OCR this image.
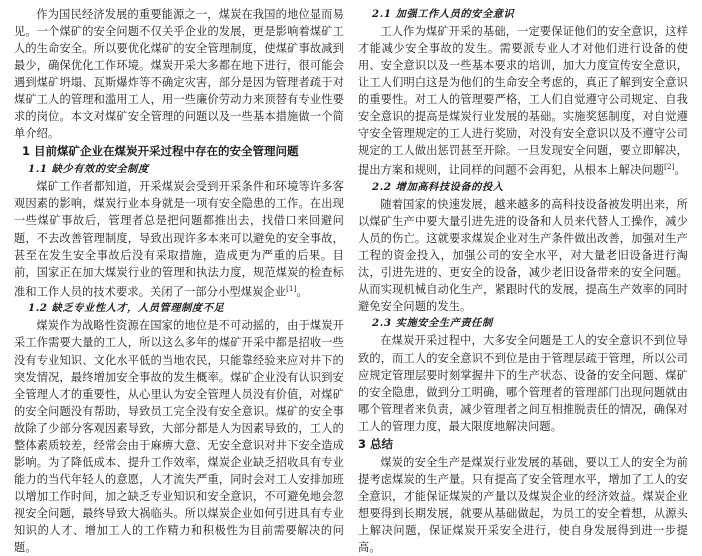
作为国民经济发展的重要能源之一，煤炭在我国的地位显而易见。一个煤矿的安全问题不仅关乎企业的发展，更是影响着煤矿工人的生命安全。所以要优化煤矿的安全管理制度，使煤矿事故减到最少，确保优化工作环境。煤炭开采大多都在地下进行，很可能会遇到煤矿坍塌、瓦斯爆炸等不确定灾害，部分是因为管理者疏于对煤矿工人的管理和滥用工人，用一些廉价劳动力来顶替有专业性要求的岗位。本文对煤矿安全管理的问题以及一些基本措施做一个简单介绍。

1 目前煤矿企业在煤炭开采过程中存在的安全管理问题
1.1 缺少有效的安全制度

煤矿工作者都知道，开采煤炭会受到开采条件和环境等许多客观因素的影响，煤炭行业本身就是一项有安全隐患的工作。在出现一些煤矿事故后，管理者总是把问题都推出去，找借口来回避问题，不去改善管理制度，导致出现许多本来可以避免的安全事故，甚至在发生安全事故后没有采取措施，造成更为严重的后果。目前，国家正在加大煤炭行业的管理和执法力度，规范煤炭的检查标准和工作人员的技术要求。关闭了一部分小型煤炭企业[1]。

1.2 缺乏专业性人才，人员管理制度不足

煤炭作为战略性资源在国家的地位是不可动摇的，由于煤炭开采工作需要大量的工人，所以这么多年的煤矿开采中都是招收一些没有专业知识、文化水平低的当地农民，只能靠经验来应对井下的突发情况，最终增加安全事故的发生概率。煤矿企业没有认识到安全管理人才的重要性，从心里认为安全管理人员没有价值，对煤矿的安全问题没有帮助，导致员工完全没有安全意识。煤矿的安全事故除了少部分客观因素导致，大部分都是人为因素导致的，工人的整体素质较差，经常会由于麻痹大意、无安全意识对井下安全造成影响。为了降低成本、提升工作效率，煤炭企业缺乏招收具有专业能力的当代年轻人的意愿，人才流失严重，同时会对工人安排加班以增加工作时间，加之缺乏专业知识和安全意识，不可避免地会忽视安全问题，最终导致大祸临头。所以煤炭企业如何引进具有专业知识的人才、增加工人的工作精力和积极性为目前需要解决的问题。

2.1 加强工作人员的安全意识

工人作为煤矿开采的基础，一定要保证他们的安全意识，这样才能减少安全事故的发生。需要派专业人才对他们进行设备的使用、安全意识以及一些基本要求的培训，加大力度宣传安全意识，让工人们明白这是为他们的生命安全考虑的，真正了解到安全意识的重要性。对工人的管理要严格，工人们自觉遵守公司规定、自我安全意识的提高是煤炭行业发展的基础。实施奖惩制度，对自觉遵守安全管理规定的工人进行奖励，对没有安全意识以及不遵守公司规定的工人做出惩罚甚至开除。一旦发现安全问题，要立即解决，提出方案和规则，让同样的问题不会再犯，从根本上解决问题[2]。

2.2 增加高科技设备的投入

随着国家的快速发展，越来越多的高科技设备被发明出来，所以煤矿生产中要大量引进先进的设备和人员来代替人工操作，减少人员的伤亡。这就要求煤炭企业对生产条件做出改善，加强对生产工程的资金投入，加强公司的安全水平，对大量老旧设备进行淘汰，引进先进的、更安全的设备，减少老旧设备带来的安全问题。从而实现机械自动化生产，紧跟时代的发展，提高生产效率的同时避免安全问题的发生。

2.3 实施安全生产责任制

在煤炭开采过程中，大多安全问题是工人的安全意识不到位导致的，而工人的安全意识不到位是由于管理层疏于管理，所以公司应规定管理层要时刻掌握井下的生产状态、设备的安全问题、煤矿的安全隐患，做到分工明确，哪个管理者的管理部门出现问题就由哪个管理者来负责，减少管理者之间互相推脱责任的情况，确保对工人的管理力度，最大限度地解决问题。

3 总结

煤炭的安全生产是煤炭行业发展的基础，要以工人的安全为前提考虑煤炭的生产量。只有提高了安全管理水平，增加了工人的安全意识，才能保证煤炭的产量以及煤炭企业的经济效益。煤炭企业想要得到长期发展，就要从基础做起，为员工的安全着想，从源头上解决问题，保证煤炭开采安全进行，使自身发展得到进一步提高。
